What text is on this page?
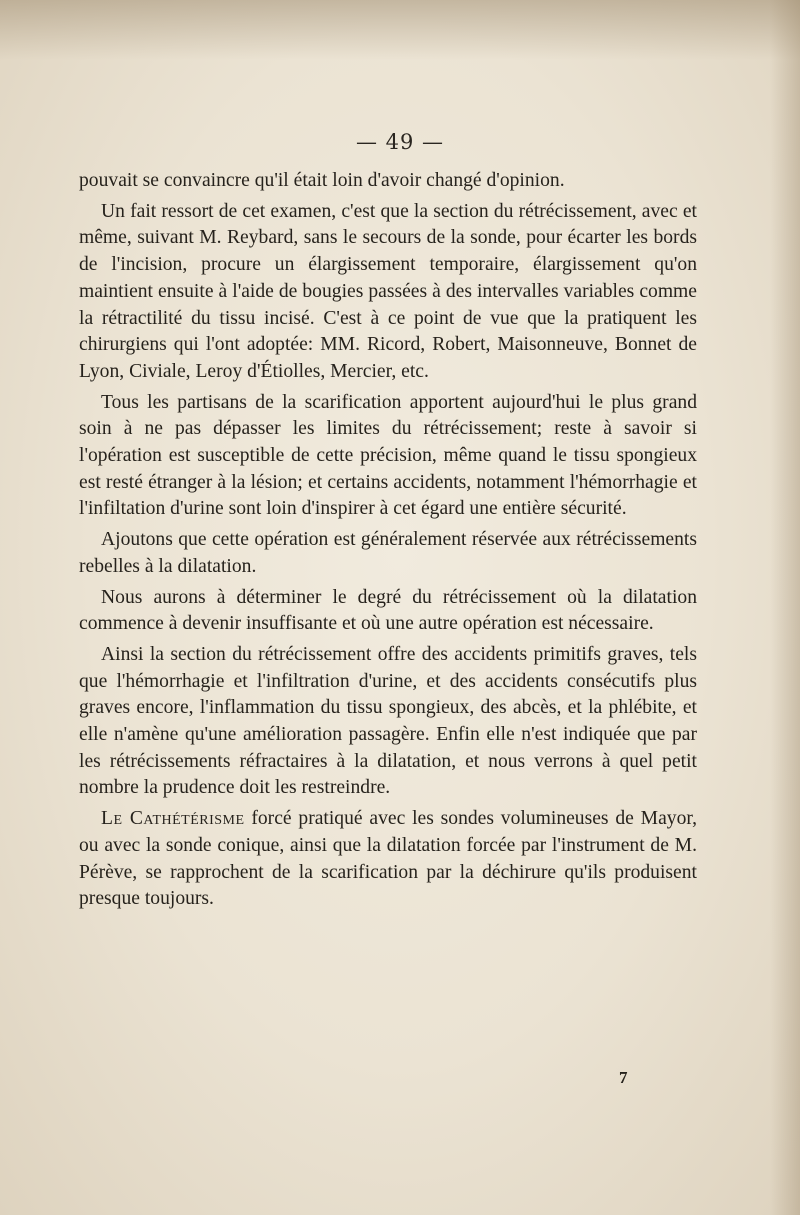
— 49 —

pouvait se convaincre qu'il était loin d'avoir changé d'opinion.

Un fait ressort de cet examen, c'est que la section du rétrécissement, avec et même, suivant M. Reybard, sans le secours de la sonde, pour écarter les bords de l'incision, procure un élargissement temporaire, élargissement qu'on maintient ensuite à l'aide de bougies passées à des intervalles variables comme la rétractilité du tissu incisé. C'est à ce point de vue que la pratiquent les chirurgiens qui l'ont adoptée: MM. Ricord, Robert, Maisonneuve, Bonnet de Lyon, Civiale, Leroy d'Étiolles, Mercier, etc.

Tous les partisans de la scarification apportent aujourd'hui le plus grand soin à ne pas dépasser les limites du rétrécissement; reste à savoir si l'opération est susceptible de cette précision, même quand le tissu spongieux est resté étranger à la lésion; et certains accidents, notamment l'hémorrhagie et l'infiltation d'urine sont loin d'inspirer à cet égard une entière sécurité.

Ajoutons que cette opération est généralement réservée aux rétrécissements rebelles à la dilatation.

Nous aurons à déterminer le degré du rétrécissement où la dilatation commence à devenir insuffisante et où une autre opération est nécessaire.

Ainsi la section du rétrécissement offre des accidents primitifs graves, tels que l'hémorrhagie et l'infiltration d'urine, et des accidents consécutifs plus graves encore, l'inflammation du tissu spongieux, des abcès, et la phlébite, et elle n'amène qu'une amélioration passagère. Enfin elle n'est indiquée que par les rétrécissements réfractaires à la dilatation, et nous verrons à quel petit nombre la prudence doit les restreindre.

Le Cathétérisme forcé pratiqué avec les sondes volumineuses de Mayor, ou avec la sonde conique, ainsi que la dilatation forcée par l'instrument de M. Pérève, se rapprochent de la scarification par la déchirure qu'ils produisent presque toujours.

7
